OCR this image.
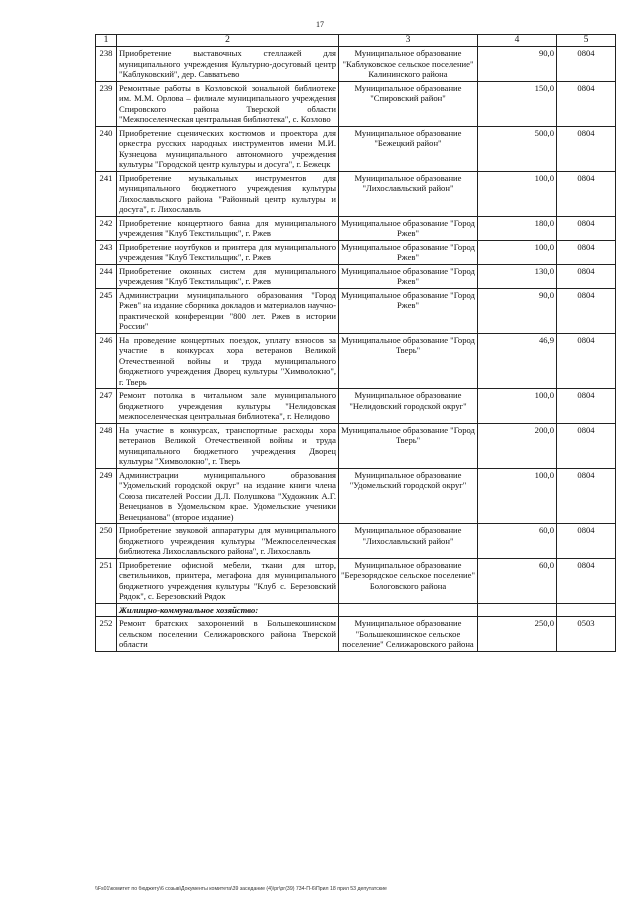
17
1	2	3	4	5
238	Приобретение выставочных стеллажей для муниципального учреждения Культурно-досуговый центр "Каблуковский", дер. Савватьево	Муниципальное образование "Каблуковское сельское поселение" Калининского района	90,0	0804
239	Ремонтные работы в Козловской зональной библиотеке им. М.М. Орлова – филиале муниципального учреждения Спировского района Тверской области "Межпоселенческая центральная библиотека", с. Козлово	Муниципальное образование "Спировский район"	150,0	0804
240	Приобретение сценических костюмов и проектора для оркестра русских народных инструментов имени М.И. Кузнецова муниципального автономного учреждения культуры "Городской центр культуры и досуга", г. Бежецк	Муниципальное образование "Бежецкий район"	500,0	0804
241	Приобретение музыкальных инструментов для муниципального бюджетного учреждения культуры Лихославльского района "Районный центр культуры и досуга", г. Лихославль	Муниципальное образование "Лихославльский район"	100,0	0804
242	Приобретение концертного баяна для муниципального учреждения "Клуб Текстильщик", г. Ржев	Муниципальное образование "Город Ржев"	180,0	0804
243	Приобретение ноутбуков и принтера для муниципального учреждения "Клуб Текстильщик", г. Ржев	Муниципальное образование "Город Ржев"	100,0	0804
244	Приобретение оконных систем для муниципального учреждения "Клуб Текстильщик", г. Ржев	Муниципальное образование "Город Ржев"	130,0	0804
245	Администрации муниципального образования "Город Ржев" на издание сборника докладов и материалов научно-практической конференции "800 лет. Ржев в истории России"	Муниципальное образование "Город Ржев"	90,0	0804
246	На проведение концертных поездок, уплату взносов за участие в конкурсах хора ветеранов Великой Отечественной войны и труда муниципального бюджетного учреждения Дворец культуры "Химволокно", г. Тверь	Муниципальное образование "Город Тверь"	46,9	0804
247	Ремонт потолка в читальном зале муниципального бюджетного учреждения культуры "Нелидовская межпоселенческая центральная библиотека", г. Нелидово	Муниципальное образование "Нелидовский городской округ"	100,0	0804
248	На участие в конкурсах, транспортные расходы хора ветеранов Великой Отечественной войны и труда муниципального бюджетного учреждения Дворец культуры "Химволокно", г. Тверь	Муниципальное образование "Город Тверь"	200,0	0804
249	Администрации муниципального образования "Удомельский городской округ" на издание книги члена Союза писателей России Д.Л. Полушкова "Художник А.Г. Венецианов в Удомельском крае. Удомельские ученики Венецианова" (второе издание)	Муниципальное образование "Удомельский городской округ"	100,0	0804
250	Приобретение звуковой аппаратуры для муниципального бюджетного учреждения культуры "Межпоселенческая библиотека Лихославльского района", г. Лихославль	Муниципальное образование "Лихославльский район"	60,0	0804
251	Приобретение офисной мебели, ткани для штор, светильников, принтера, мегафона для муниципального бюджетного учреждения культуры "Клуб с. Березовский Рядок", с. Березовский Рядок	Муниципальное образование "Березорядское сельское поселение" Бологовского района	60,0	0804
	Жилищно-коммунальное хозяйство:			
252	Ремонт братских захоронений в Большекошинском сельском поселении Селижаровского района Тверской области	Муниципальное образование "Большекошинское сельское поселение" Селижаровского района	250,0	0503
\\Fs01\комитет по бюджету\6 созыв\Документы комитета\39 заседание (4)\рг\рг(39) 734-П-6\Прил 18 прил 53 депутатские
